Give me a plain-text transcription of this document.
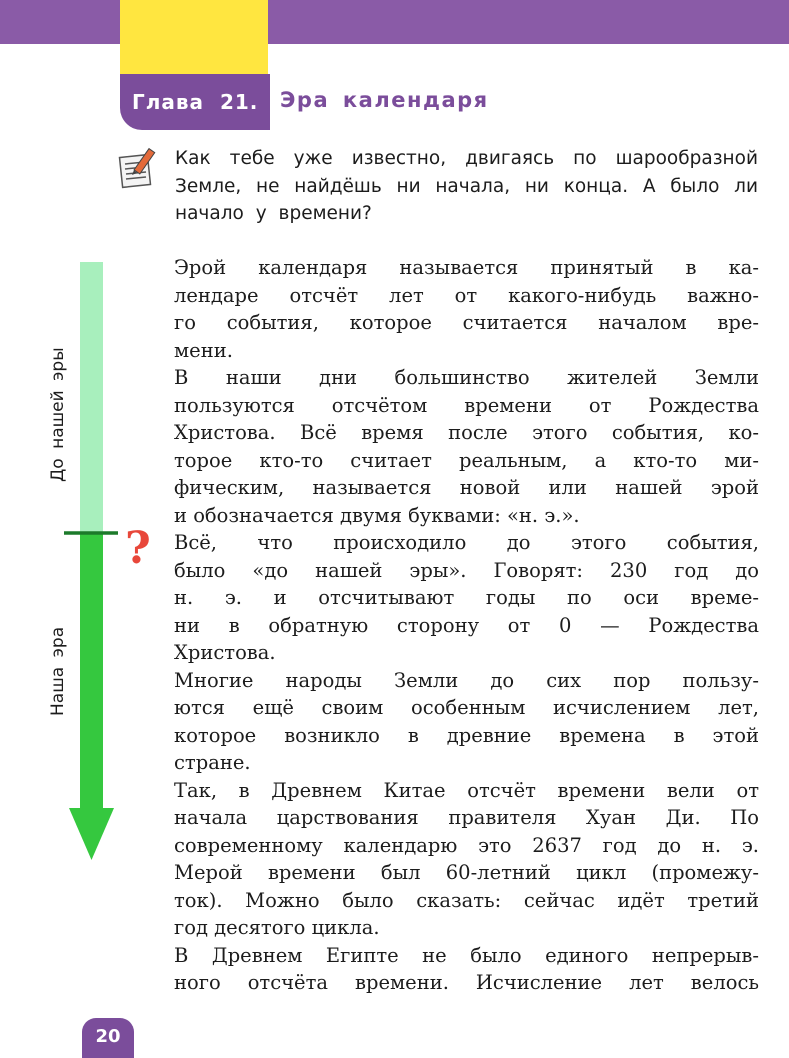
Глава  21.	Эра календаря
Как тебе уже известно, двигаясь по шарообразной
Земле, не найдёшь ни начала, ни конца. А было ли
начало у времени?
?
До нашей эры
Наша эра
Эрой календаря называется принятый в ка-
лендаре отсчёт лет от какого-нибудь важно-
го события, которое считается началом вре-
мени.
В наши дни большинство жителей Земли
пользуются отсчётом времени от Рождества
Христова. Всё время после этого события, ко-
торое кто-то считает реальным, а кто-то ми-
фическим, называется новой или нашей эрой
и обозначается двумя буквами: «н. э.».
Всё, что происходило до этого события,
было «до нашей эры». Говорят: 230 год до
н. э. и отсчитывают годы по оси време-
ни в обратную сторону от 0 — Рождества
Христова.
Многие народы Земли до сих пор пользу-
ются ещё своим особенным исчислением лет,
которое возникло в древние времена в этой
стране.
Так, в Древнем Китае отсчёт времени вели от
начала царствования правителя Хуан Ди. По
современному календарю это 2637 год до н. э.
Мерой времени был 60-летний цикл (промежу-
ток). Можно было сказать: сейчас идёт третий
год десятого цикла.
В Древнем Египте не было единого непрерыв-
ного отсчёта времени. Исчисление лет велось
20
